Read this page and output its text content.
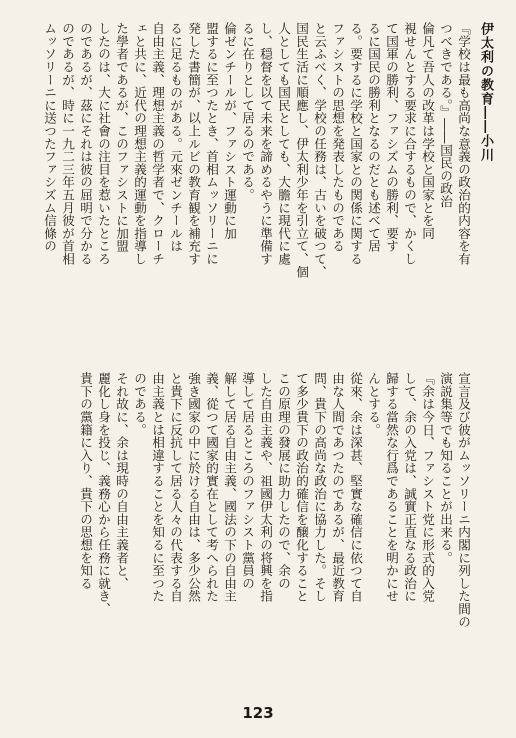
伊太利の教育――小川
『学校は最も高尚な意義の政治的内容を有
つべきである。』――国民の政治
倫凡て吾人の改革は学校と国家とを同
視せんとする要求に合するもので、かくし
て国軍の勝利、ファシズムの勝利、要す
るに国民の勝利となるのだとも述べて居
る。要するに学校と国家との関係に関する
ファシストの思想を発表したものである
と云ふべく、学校の任務は、古いを破つて、
国民生活に順應し、伊太利少年を引立て、個
人としても国民としても、大膽に現代に處
し、穏督を以て未来を諦めるやうに準備す
るに在りとして居るのである。
倫ゼンチールが、ファシスト運動に加
盟するに至つたとき、首相ムッソリーニに
発した書簡が、以上ルビの教育観を補充す
るに足るものがある。元來ゼンチールは
自由主義、理想主義の哲学者で、クローチ
ェと共に、近代の理想主義的運動を指導し
た學者であるが、このファシストに加盟
したのは、大に社會の注目を惹いたところ
のであるが、茲にそれは彼の屈明で分かる
のであるが、時に一九二三年五月彼が首相
ムッソリーニに送つたファシズム信條の
宣言及び彼がムッソリーニ内閣に列した間の
演説集等でも知ることが出来る。
『余は今日、ファシスト党に形式的入党
して、余の入党は、誠實正直なる政治に
歸する當然な行爲であることを明かにせ
んとする。
從來、余は深甚、堅實な確信に依つて自
由な人間であつたのであるが、最近教育
問、貴下の高尚な政治に協力した。そし
て多少貴下の政治的確信を醸化すること
この原理の發展に助力したので、余の
した自由主義や、祖國伊太利の将興を指
導して居るところのファシスト黨員の
解して居る自由主義、國法の下の自由主
義、從つて國家的實在として考へられた
強き國家の中に於ける自由は、多少公然
と貴下に反抗して居る人々の代表する自
由主義とは相違することを知るに至つた
のである。
それ故に、余は現時の自由主義者と、
麗化し身を投じ、義務心から任務に就き、
貴下の黨籍に入り、貴下の思想を知る
123
